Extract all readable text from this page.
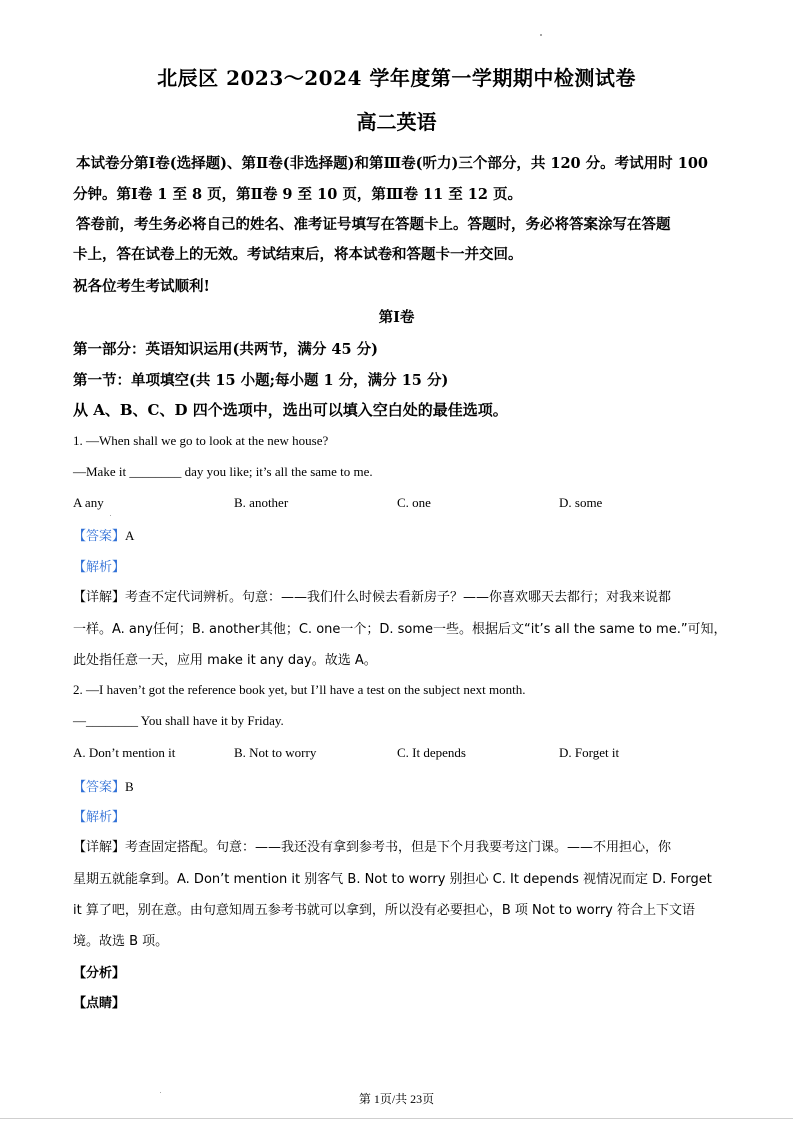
北辰区 2023～2024 学年度第一学期期中检测试卷
高二英语
本试卷分第Ⅰ卷(选择题)、第Ⅱ卷(非选择题)和第Ⅲ卷(听力)三个部分，共 120 分。考试用时 100
分钟。第Ⅰ卷 1 至 8 页，第Ⅱ卷 9 至 10 页，第Ⅲ卷 11 至 12 页。
答卷前，考生务必将自己的姓名、准考证号填写在答题卡上。答题时，务必将答案涂写在答题
卡上，答在试卷上的无效。考试结束后，将本试卷和答题卡一并交回。
祝各位考生考试顺利!
第Ⅰ卷
第一部分：英语知识运用(共两节，满分 45 分)
第一节：单项填空(共 15 小题;每小题 1 分，满分 15 分)
从 A、B、C、D 四个选项中，选出可以填入空白处的最佳选项。
1. —When shall we go to look at the new house?
—Make it ________ day you like; it’s all the same to me.
A any	B. another	C. one	D. some
【答案】A
【解析】
【详解】考查不定代词辨析。句意：——我们什么时候去看新房子？——你喜欢哪天去都行；对我来说都
一样。A. any任何；B. another其他；C. one一个；D. some一些。根据后文“it’s all the same to me.”可知，
此处指任意一天，应用 make it any day。故选 A。
2. —I haven’t got the reference book yet, but I’ll have a test on the subject next month.
—________ You shall have it by Friday.
A. Don’t mention it	B. Not to worry	C. It depends	D. Forget it
【答案】B
【解析】
【详解】考查固定搭配。句意：——我还没有拿到参考书，但是下个月我要考这门课。——不用担心，你
星期五就能拿到。A. Don’t mention it 别客气 B. Not to worry 别担心 C. It depends 视情况而定 D. Forget
it 算了吧，别在意。由句意知周五参考书就可以拿到，所以没有必要担心，B 项 Not to worry 符合上下文语
境。故选 B 项。
【分析】
【点睛】
第 1页/共 23页
